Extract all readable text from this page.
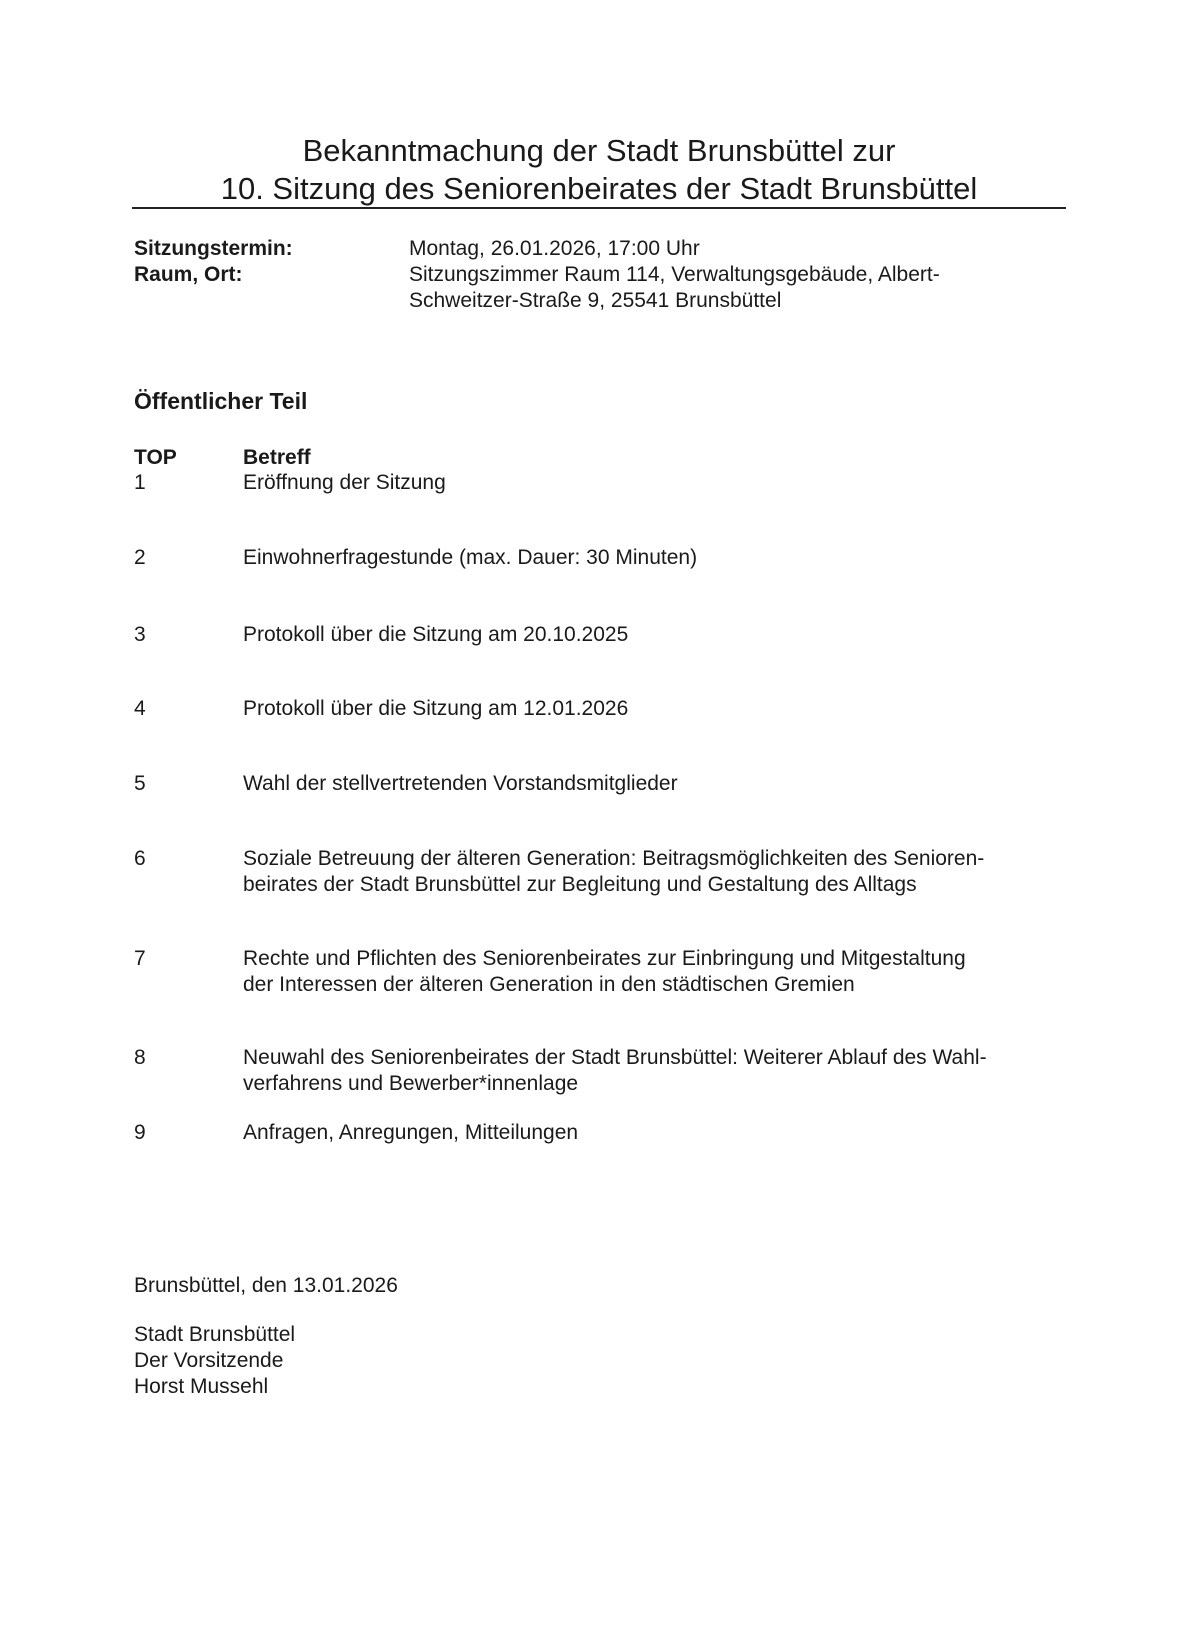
Bekanntmachung der Stadt Brunsbüttel zur
10. Sitzung des Seniorenbeirates der Stadt Brunsbüttel
Sitzungstermin:	Montag, 26.01.2026, 17:00 Uhr
Raum, Ort:	Sitzungszimmer Raum 114, Verwaltungsgebäude, Albert-
Schweitzer-Straße 9, 25541 Brunsbüttel
Öffentlicher Teil
TOP	Betreff
1	Eröffnung der Sitzung
2	Einwohnerfragestunde (max. Dauer: 30 Minuten)
3	Protokoll über die Sitzung am 20.10.2025
4	Protokoll über die Sitzung am 12.01.2026
5	Wahl der stellvertretenden Vorstandsmitglieder
6	Soziale Betreuung der älteren Generation: Beitragsmöglichkeiten des Senioren-
beirates der Stadt Brunsbüttel zur Begleitung und Gestaltung des Alltags
7	Rechte und Pflichten des Seniorenbeirates zur Einbringung und Mitgestaltung
der Interessen der älteren Generation in den städtischen Gremien
8	Neuwahl des Seniorenbeirates der Stadt Brunsbüttel: Weiterer Ablauf des Wahl-
verfahrens und Bewerber*innenlage
9	Anfragen, Anregungen, Mitteilungen
Brunsbüttel, den 13.01.2026
Stadt Brunsbüttel
Der Vorsitzende
Horst Mussehl
